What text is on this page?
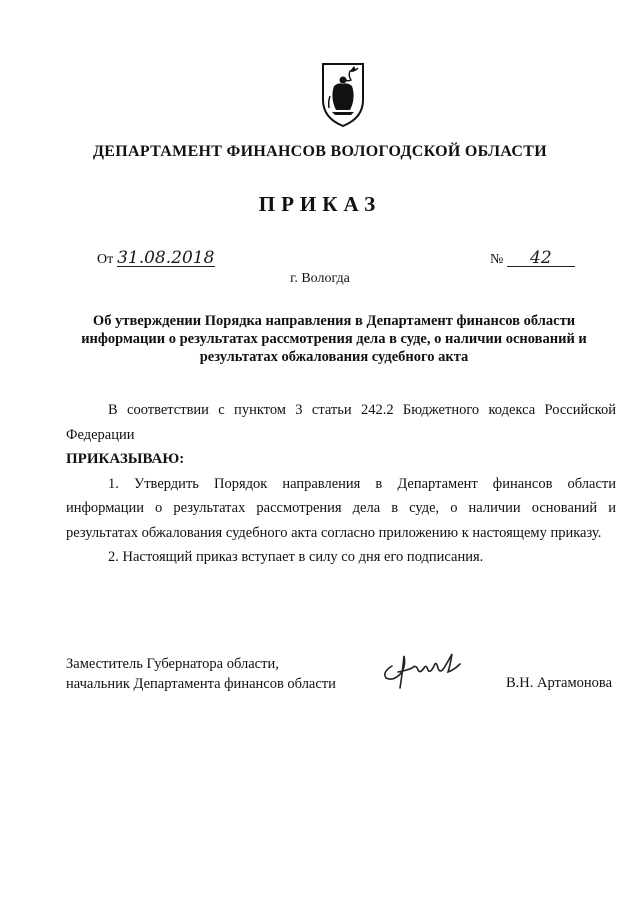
ДЕПАРТАМЕНТ ФИНАНСОВ ВОЛОГОДСКОЙ ОБЛАСТИ
ПРИКАЗ
От 31.08.2018	№ 42
г. Вологда
Об утверждении Порядка направления в Департамент финансов области информации о результатах рассмотрения дела в суде, о наличии оснований и результатах обжалования судебного акта

В соответствии с пунктом 3 статьи 242.2 Бюджетного кодекса Российской Федерации

ПРИКАЗЫВАЮ:

1. Утвердить Порядок направления в Департамент финансов области информации о результатах рассмотрения дела в суде, о наличии оснований и результатах обжалования судебного акта согласно приложению к настоящему приказу.

2. Настоящий приказ вступает в силу со дня его подписания.

Заместитель Губернатора области,
начальник Департамента финансов области	В.Н. Артамонова
